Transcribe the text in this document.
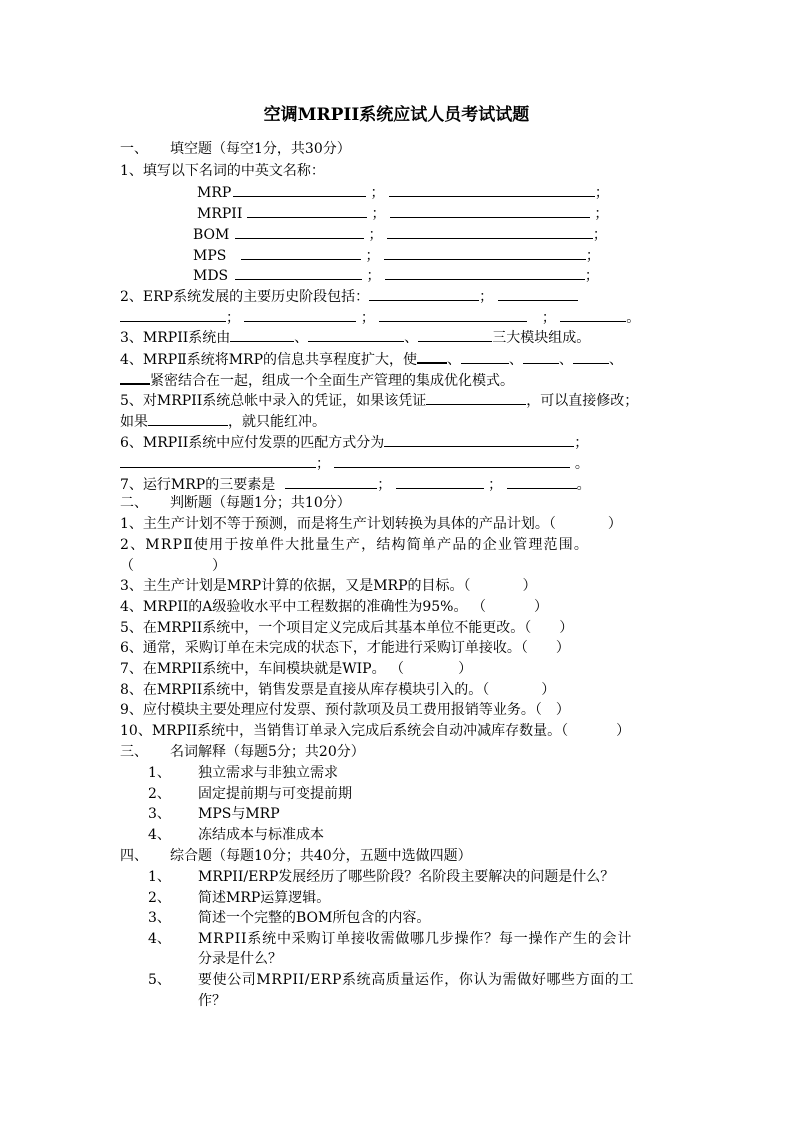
空调MRPII系统应试人员考试试题
一、 填空题（每空1分，共30分）
1、填写以下名词的中英文名称：
MRP	；	；
MRPII	；	；
BOM	；	；
MPS	；	；
MDS	；	；
2、ERP系统发展的主要历史阶段包括：	；
；	；	；	。
3、MRPII系统由	、	、	三大模块组成。
4、MRPⅡ系统将MRP的信息共享程度扩大，使 、	、	、	、
紧密结合在一起，组成一个全面生产管理的集成优化模式。
5、对MRPII系统总帐中录入的凭证，如果该凭证	，可以直接修改；
如果	，就只能红冲。
6、MRPII系统中应付发票的匹配方式分为	；
；	。
7、运行MRP的三要素是	；	；	。
二、 判断题（每题1分；共10分）
1、主生产计划不等于预测，而是将生产计划转换为具体的产品计划。（	）
2、MRPⅡ使用于按单件大批量生产，结构简单产品的企业管理范围。
（	）
3、主生产计划是MRP计算的依据，又是MRP的目标。（	）
4、MRPII的A级验收水平中工程数据的准确性为95%。 （	）
5、在MRPII系统中，一个项目定义完成后其基本单位不能更改。（ ）
6、通常，采购订单在未完成的状态下，才能进行采购订单接收。（ ）
7、在MRPII系统中，车间模块就是WIP。 （	）
8、在MRPII系统中，销售发票是直接从库存模块引入的。（	）
9、应付模块主要处理应付发票、预付款项及员工费用报销等业务。（ ）
10、MRPII系统中，当销售订单录入完成后系统会自动冲减库存数量。（	）
三、 名词解释（每题5分；共20分）
1、 独立需求与非独立需求
2、 固定提前期与可变提前期
3、 MPS与MRP
4、 冻结成本与标准成本
四、 综合题（每题10分；共40分，五题中选做四题）
1、 MRPII/ERP发展经历了哪些阶段？名阶段主要解决的问题是什么？
2、 简述MRP运算逻辑。
3、 简述一个完整的BOM所包含的内容。
4、 MRPII系统中采购订单接收需做哪几步操作？每一操作产生的会计
分录是什么？
5、 要使公司MRPII/ERP系统高质量运作，你认为需做好哪些方面的工
作？
